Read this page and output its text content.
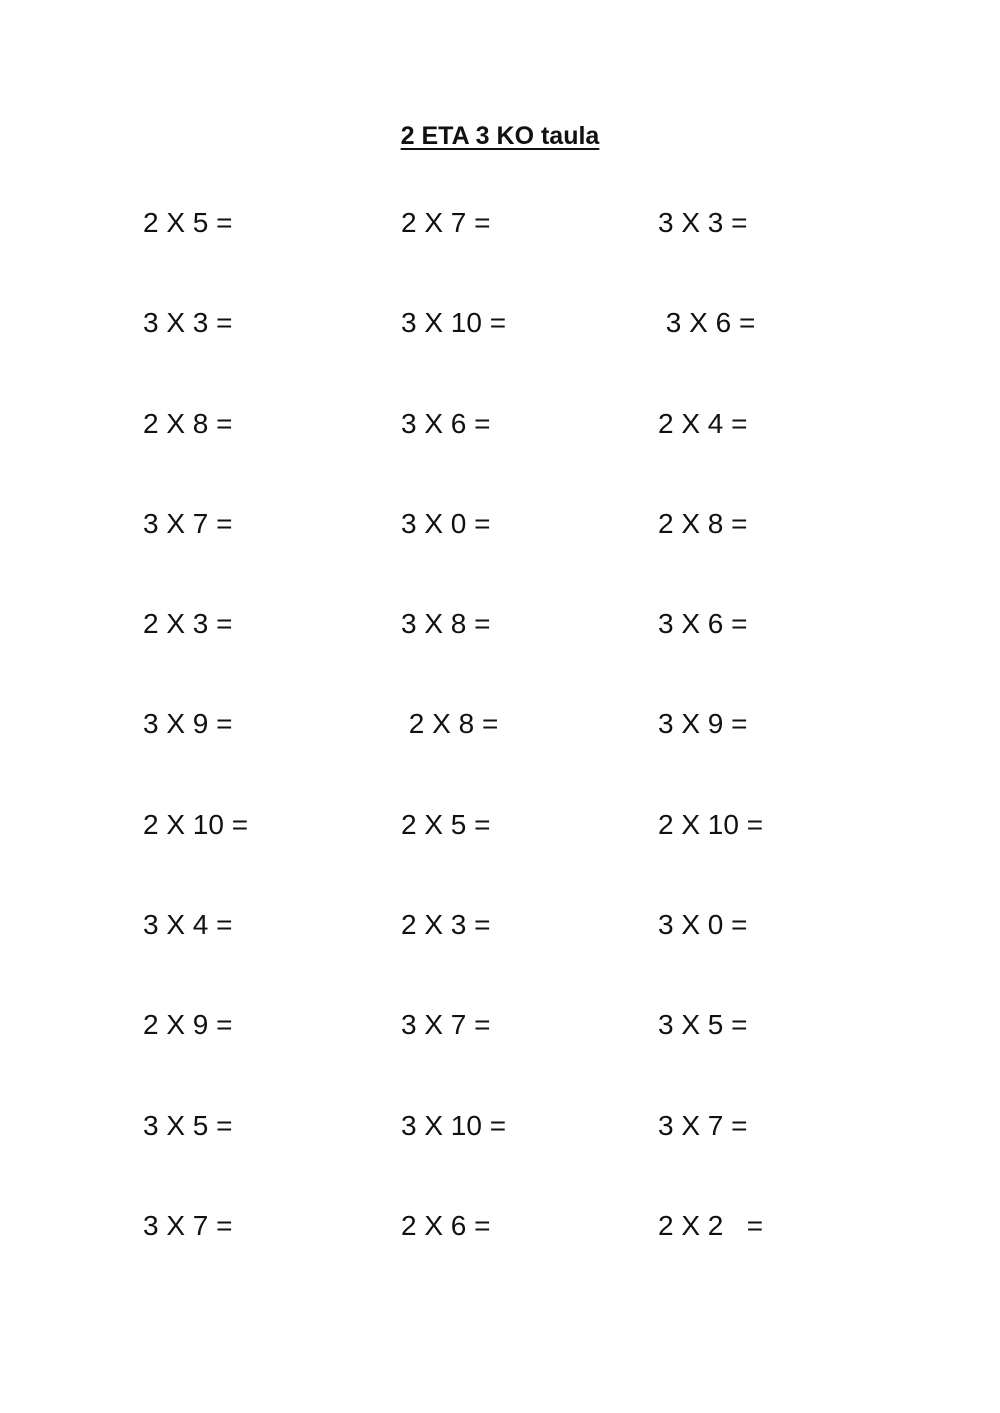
2 ETA 3 KO taula
2 X 5 =	2 X 7 =	3 X 3 =
3 X 3 =	3 X 10 =	3 X 6 =
2 X 8 =	3 X 6 =	2 X 4 =
3 X 7 =	3 X 0 =	2 X 8 =
2 X 3 =	3 X 8 =	3 X 6 =
3 X 9 =	2 X 8 =	3 X 9 =
2 X 10 =	2 X 5 =	2 X 10 =
3 X 4 =	2 X 3 =	3 X 0 =
2 X 9 =	3 X 7 =	3 X 5 =
3 X 5 =	3 X 10 =	3 X 7 =
3 X 7 =	2 X 6 =	2 X 2   =
